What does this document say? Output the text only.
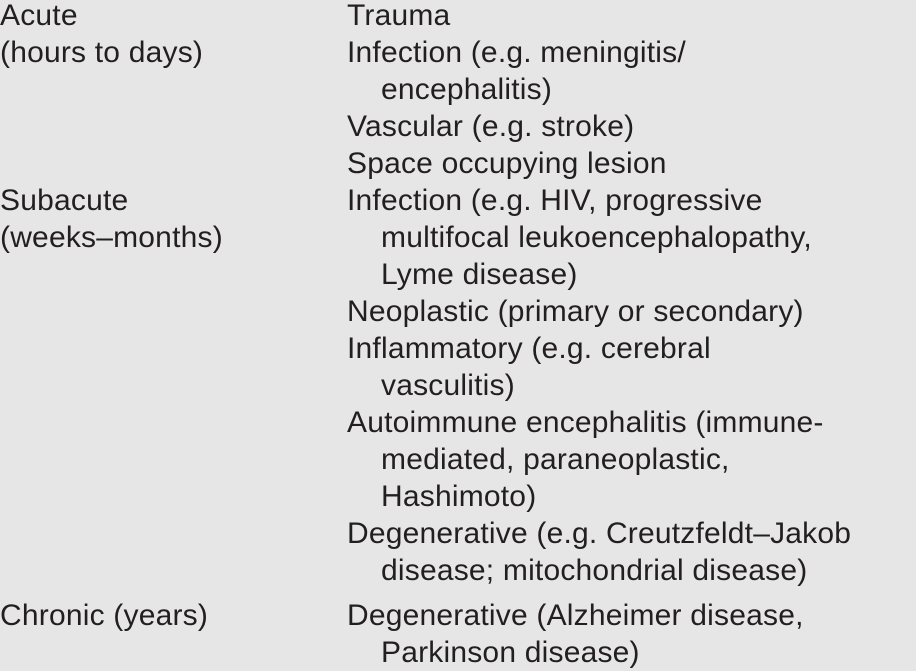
Acute
(hours to days)
Trauma
Infection (e.g. meningitis/
encephalitis)
Vascular (e.g. stroke)
Space occupying lesion
Subacute
(weeks–months)
Infection (e.g. HIV, progressive
multifocal leukoencephalopathy,
Lyme disease)
Neoplastic (primary or secondary)
Inflammatory (e.g. cerebral
vasculitis)
Autoimmune encephalitis (immune-
mediated, paraneoplastic,
Hashimoto)
Degenerative (e.g. Creutzfeldt–Jakob
disease; mitochondrial disease)
Chronic (years)	Degenerative (Alzheimer disease,
Parkinson disease)
